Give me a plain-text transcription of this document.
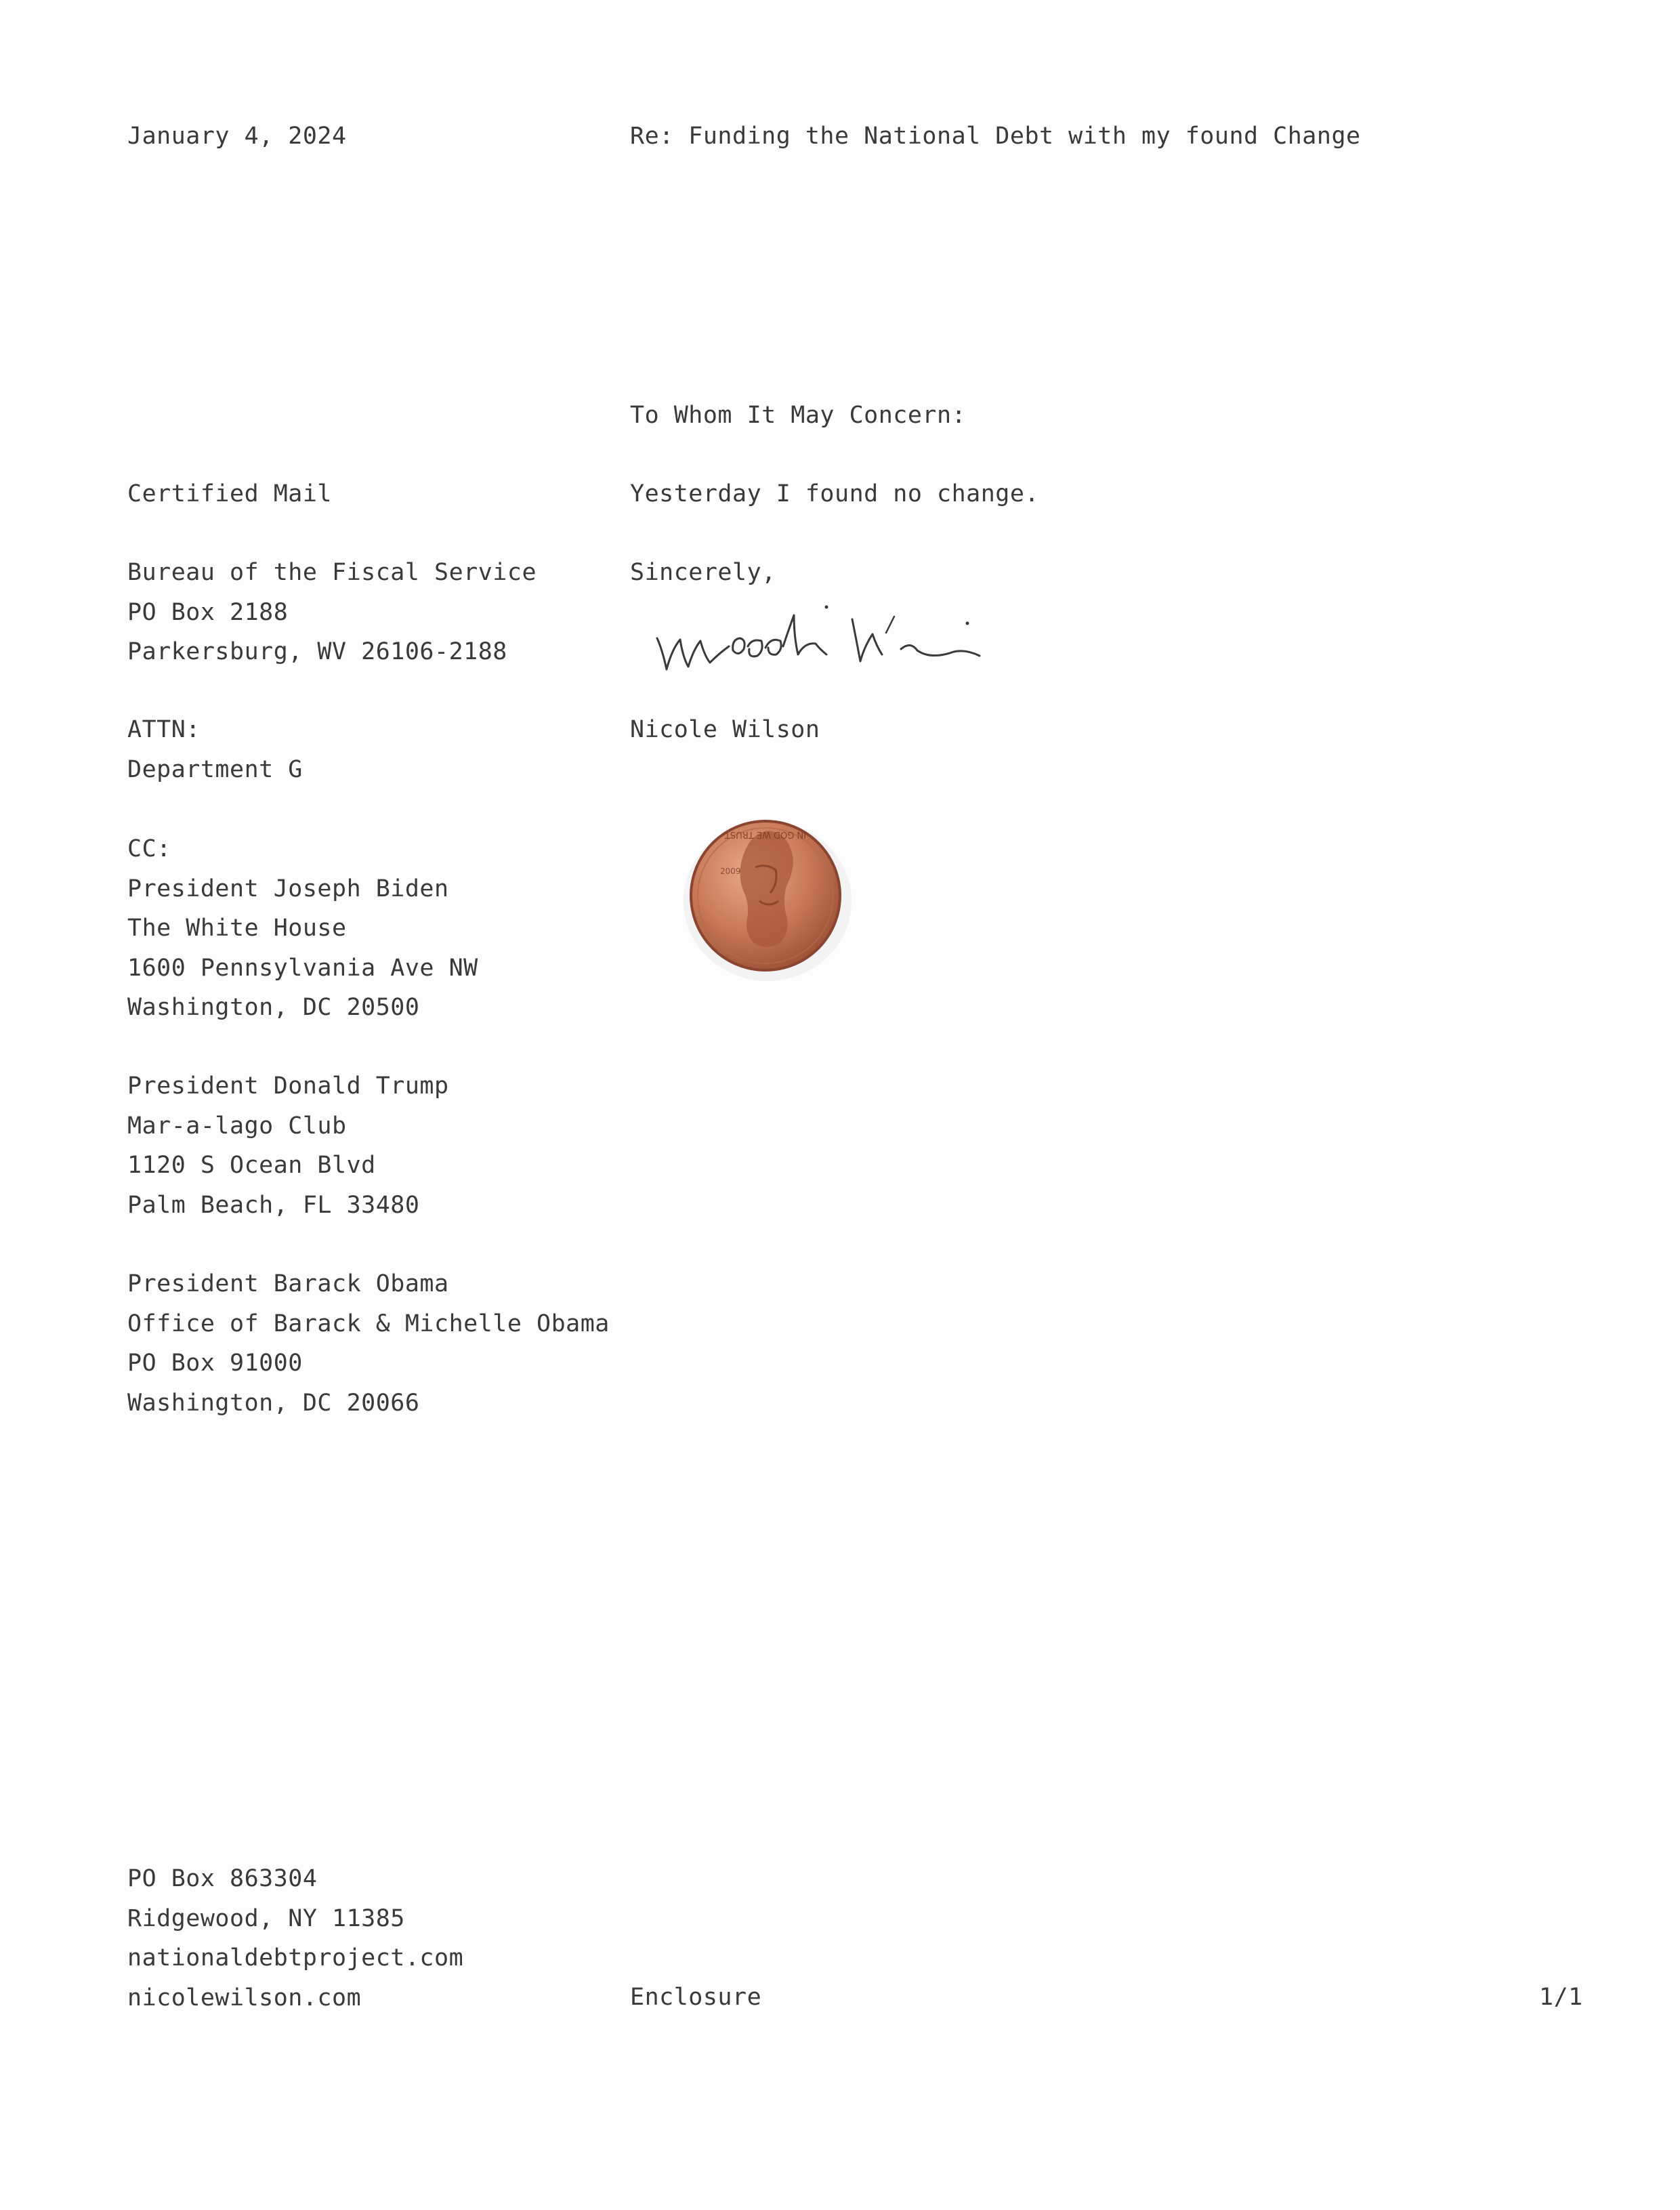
January 4, 2024	Re: Funding the National Debt with my found Change
To Whom It May Concern:
Yesterday I found no change.
Sincerely,
Nicole Wilson
IN GOD WE TRUST
2009
Certified Mail
Bureau of the Fiscal Service
PO Box 2188
Parkersburg, WV 26106-2188
ATTN:
Department G
CC:
President Joseph Biden
The White House
1600 Pennsylvania Ave NW
Washington, DC 20500
President Donald Trump
Mar-a-lago Club
1120 S Ocean Blvd
Palm Beach, FL 33480
President Barack Obama
Office of Barack & Michelle Obama
PO Box 91000
Washington, DC 20066
PO Box 863304
Ridgewood, NY 11385
nationaldebtproject.com
nicolewilson.com	Enclosure	1/1
